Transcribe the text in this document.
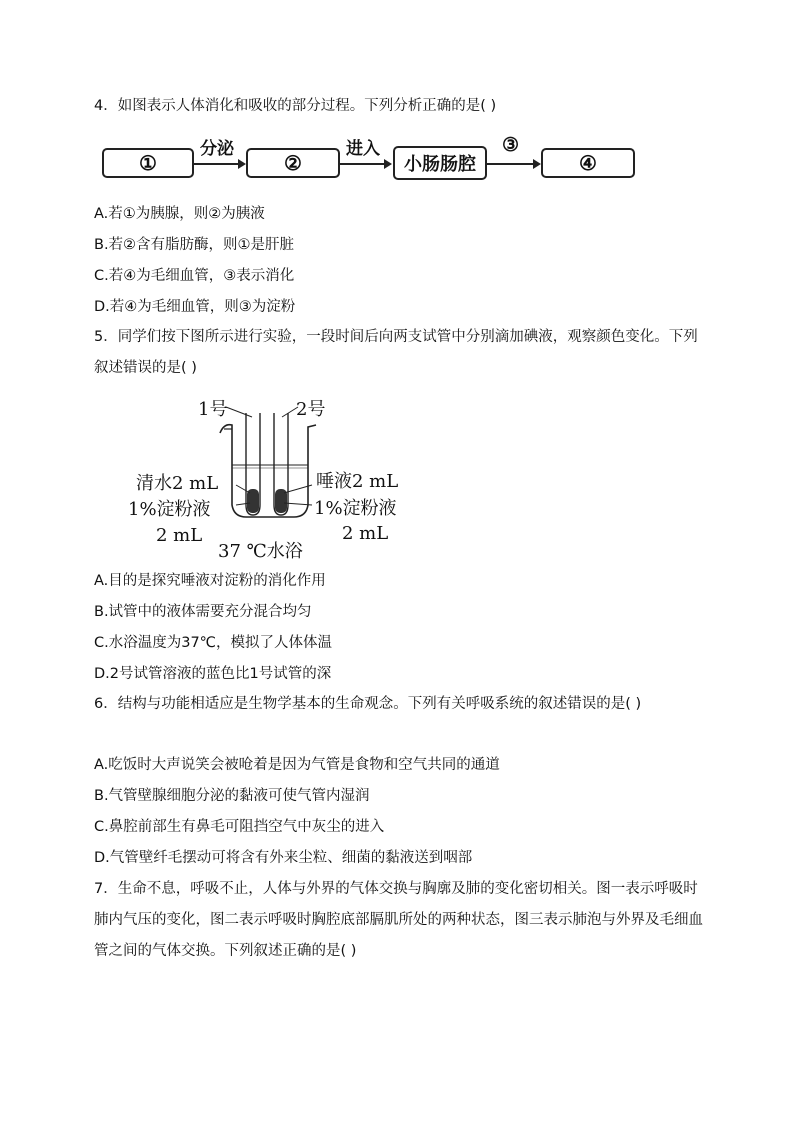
4．如图表示人体消化和吸收的部分过程。下列分析正确的是( )
①
分泌
②
进入
小肠肠腔
③
④
A.若①为胰腺，则②为胰液
B.若②含有脂肪酶，则①是肝脏
C.若④为毛细血管，③表示消化
D.若④为毛细血管，则③为淀粉
5．同学们按下图所示进行实验，一段时间后向两支试管中分别滴加碘液，观察颜色变化。下列叙述错误的是( )
1号	2号
清水2 mL
1%淀粉液
2 mL
唾液2 mL
1%淀粉液
2 mL
37 ℃水浴
A.目的是探究唾液对淀粉的消化作用
B.试管中的液体需要充分混合均匀
C.水浴温度为37℃，模拟了人体体温
D.2号试管溶液的蓝色比1号试管的深
6．结构与功能相适应是生物学基本的生命观念。下列有关呼吸系统的叙述错误的是( )
A.吃饭时大声说笑会被呛着是因为气管是食物和空气共同的通道
B.气管壁腺细胞分泌的黏液可使气管内湿润
C.鼻腔前部生有鼻毛可阻挡空气中灰尘的进入
D.气管壁纤毛摆动可将含有外来尘粒、细菌的黏液送到咽部
7．生命不息，呼吸不止，人体与外界的气体交换与胸廓及肺的变化密切相关。图一表示呼吸时肺内气压的变化，图二表示呼吸时胸腔底部膈肌所处的两种状态，图三表示肺泡与外界及毛细血管之间的气体交换。下列叙述正确的是( )
